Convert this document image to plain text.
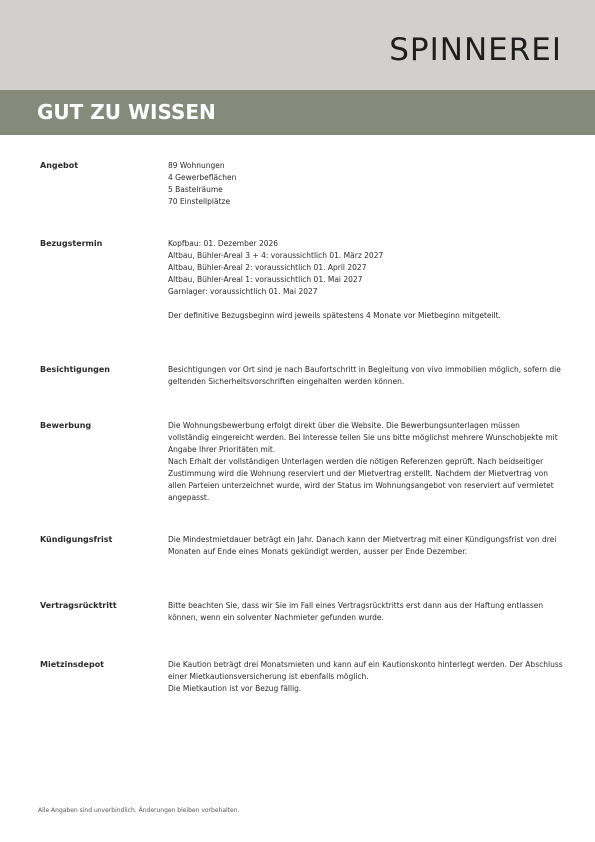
SPINNEREI
GUT ZU WISSEN
Angebot	89 Wohnungen
4 Gewerbeflächen
5 Bastelräume
70 Einstellplätze
Bezugstermin	Kopfbau: 01. Dezember 2026
Altbau, Bühler-Areal 3 + 4: voraussichtlich 01. März 2027
Altbau, Bühler-Areal 2: voraussichtlich 01. April 2027
Altbau, Bühler-Areal 1: voraussichtlich 01. Mai 2027
Garnlager: voraussichtlich 01. Mai 2027
Der definitive Bezugsbeginn wird jeweils spätestens 4 Monate vor Mietbeginn mitgeteilt.
Besichtigungen	Besichtigungen vor Ort sind je nach Baufortschritt in Begleitung von vivo immobilien möglich, sofern die geltenden Sicherheitsvorschriften eingehalten werden können.
Bewerbung	Die Wohnungsbewerbung erfolgt direkt über die Website. Die Bewerbungsunterlagen müssen vollständig eingereicht werden. Bei Interesse teilen Sie uns bitte möglichst mehrere Wunschobjekte mit Angabe Ihrer Prioritäten mit.
Nach Erhalt der vollständigen Unterlagen werden die nötigen Referenzen geprüft. Nach beidseitiger Zustimmung wird die Wohnung reserviert und der Mietvertrag erstellt. Nachdem der Mietvertrag von allen Parteien unterzeichnet wurde, wird der Status im Wohnungsangebot von reserviert auf vermietet angepasst.
Kündigungsfrist	Die Mindestmietdauer beträgt ein Jahr. Danach kann der Mietvertrag mit einer Kündigungsfrist von drei Monaten auf Ende eines Monats gekündigt werden, ausser per Ende Dezember.
Vertragsrücktritt	Bitte beachten Sie, dass wir Sie im Fall eines Vertragsrücktritts erst dann aus der Haftung entlassen können, wenn ein solventer Nachmieter gefunden wurde.
Mietzinsdepot	Die Kaution beträgt drei Monatsmieten und kann auf ein Kautionskonto hinterlegt werden. Der Abschluss einer Mietkautionsversicherung ist ebenfalls möglich.
Die Mietkaution ist vor Bezug fällig.
Alle Angaben sind unverbindlich. Änderungen bleiben vorbehalten.
